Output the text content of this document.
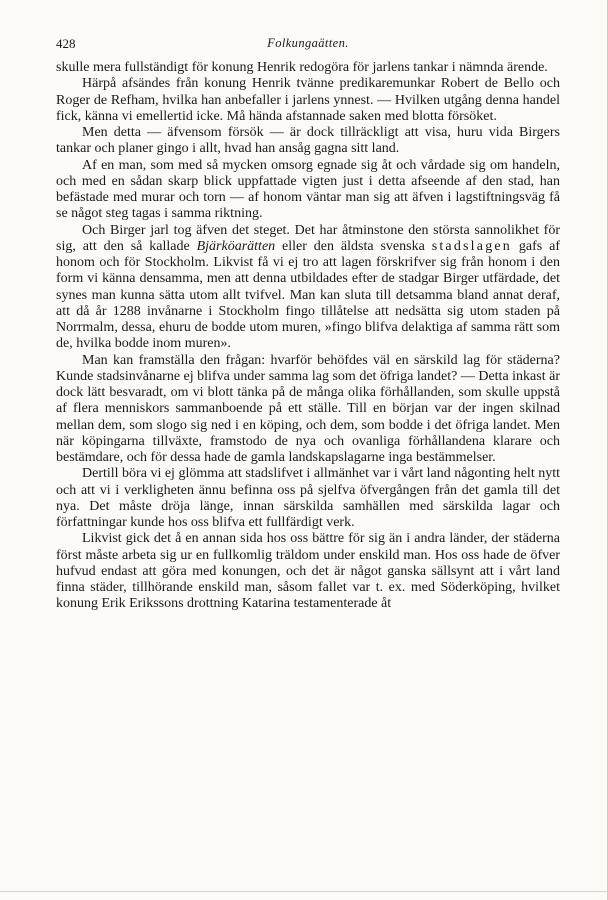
428	Folkungaätten.

skulle mera fullständigt för konung Henrik redogöra för jarlens tankar i nämnda ärende.

Härpå afsändes från konung Henrik tvänne predikaremunkar Robert de Bello och Roger de Refham, hvilka han anbefaller i jarlens ynnest. — Hvilken utgång denna handel fick, känna vi emellertid icke. Må hända afstannade saken med blotta försöket.

Men detta — äfvensom försök — är dock tillräckligt att visa, huru vida Birgers tankar och planer gingo i allt, hvad han ansåg gagna sitt land.

Af en man, som med så mycken omsorg egnade sig åt och vårdade sig om handeln, och med en sådan skarp blick uppfattade vigten just i detta afseende af den stad, han befästade med murar och torn — af honom väntar man sig att äfven i lagstiftningsväg få se något steg tagas i samma riktning.

Och Birger jarl tog äfven det steget. Det har åtminstone den största sannolikhet för sig, att den så kallade Bjärköarätten eller den äldsta svenska stadslagen gafs af honom och för Stockholm. Likvist få vi ej tro att lagen förskrifver sig från honom i den form vi känna densamma, men att denna utbildades efter de stadgar Birger utfärdade, det synes man kunna sätta utom allt tvifvel. Man kan sluta till detsamma bland annat deraf, att då år 1288 invånarne i Stockholm fingo tillåtelse att nedsätta sig utom staden på Norrmalm, dessa, ehuru de bodde utom muren, »fingo blifva delaktiga af samma rätt som de, hvilka bodde inom muren».

Man kan framställa den frågan: hvarför behöfdes väl en särskild lag för städerna? Kunde stadsinvånarne ej blifva under samma lag som det öfriga landet? — Detta inkast är dock lätt besvaradt, om vi blott tänka på de många olika förhållanden, som skulle uppstå af flera menniskors sammanboende på ett ställe. Till en början var der ingen skilnad mellan dem, som slogo sig ned i en köping, och dem, som bodde i det öfriga landet. Men när köpingarna tillväxte, framstodo de nya och ovanliga förhållandena klarare och bestämdare, och för dessa hade de gamla landskapslagarne inga bestämmelser.

Dertill böra vi ej glömma att stadslifvet i allmänhet var i vårt land någonting helt nytt och att vi i verkligheten ännu befinna oss på sjelfva öfvergången från det gamla till det nya. Det måste dröja länge, innan särskilda samhällen med särskilda lagar och författningar kunde hos oss blifva ett fullfärdigt verk.

Likvist gick det å en annan sida hos oss bättre för sig än i andra länder, der städerna först måste arbeta sig ur en fullkomlig träldom under enskild man. Hos oss hade de öfver hufvud endast att göra med konungen, och det är något ganska sällsynt att i vårt land finna städer, tillhörande enskild man, såsom fallet var t. ex. med Söderköping, hvilket konung Erik Erikssons drottning Katarina testamenterade åt
